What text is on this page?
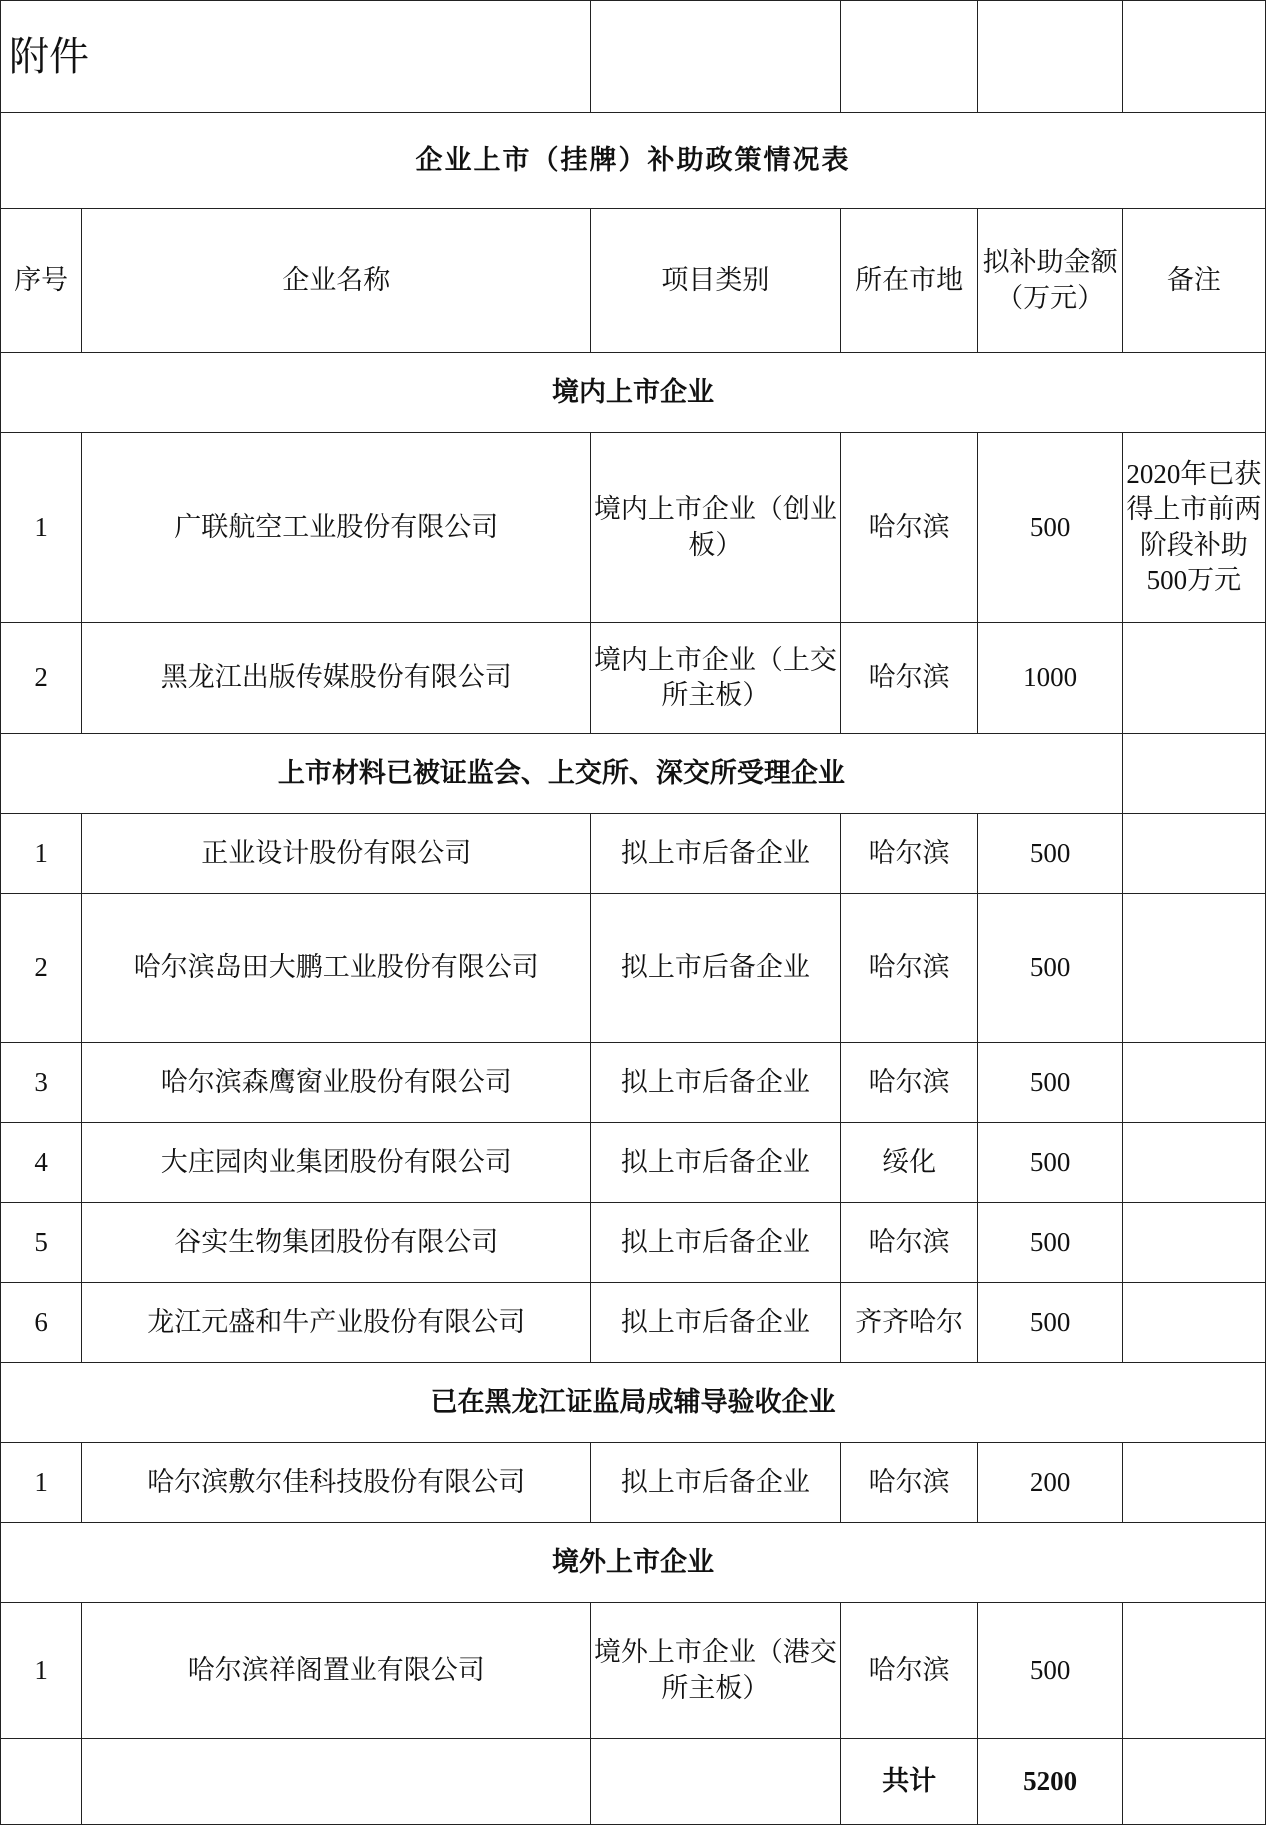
附件					
企业上市（挂牌）补助政策情况表					
序号	企业名称	项目类别	所在市地	拟补助金额（万元）	备注
境内上市企业					
1	广联航空工业股份有限公司	境内上市企业（创业板）	哈尔滨	500	2020年已获得上市前两阶段补助500万元
2	黑龙江出版传媒股份有限公司	境内上市企业（上交所主板）	哈尔滨	1000	
上市材料已被证监会、上交所、深交所受理企业					
1	正业设计股份有限公司	拟上市后备企业	哈尔滨	500	
2	哈尔滨岛田大鹏工业股份有限公司	拟上市后备企业	哈尔滨	500	
3	哈尔滨森鹰窗业股份有限公司	拟上市后备企业	哈尔滨	500	
4	大庄园肉业集团股份有限公司	拟上市后备企业	绥化	500	
5	谷实生物集团股份有限公司	拟上市后备企业	哈尔滨	500	
6	龙江元盛和牛产业股份有限公司	拟上市后备企业	齐齐哈尔	500	
已在黑龙江证监局成辅导验收企业					
1	哈尔滨敷尔佳科技股份有限公司	拟上市后备企业	哈尔滨	200	
境外上市企业					
1	哈尔滨祥阁置业有限公司	境外上市企业（港交所主板）	哈尔滨	500	
			共计	5200	
